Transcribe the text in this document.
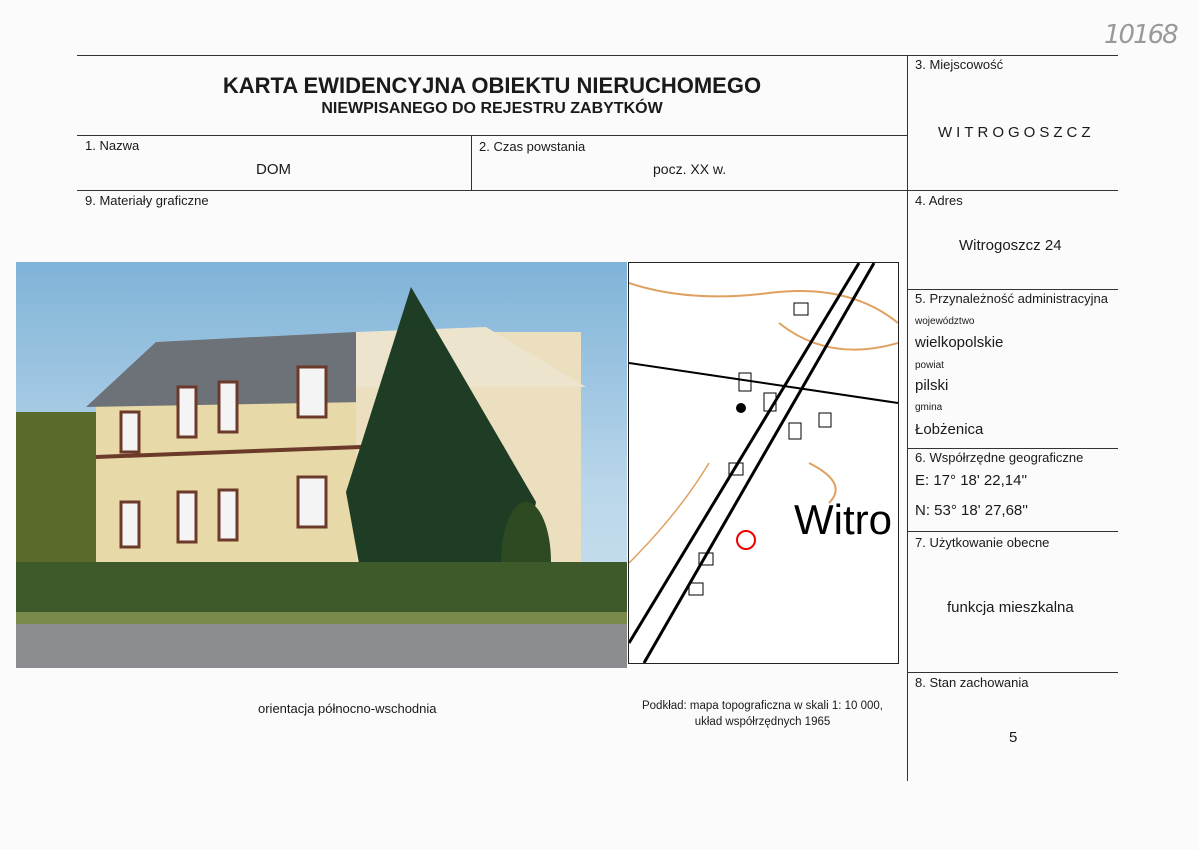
10168
KARTA EWIDENCYJNA OBIEKTU NIERUCHOMEGO
NIEWPISANEGO DO REJESTRU ZABYTKÓW
1. Nazwa
DOM
2. Czas powstania
pocz. XX w.
3. Miejscowość
WITROGOSZCZ
4. Adres
Witrogoszcz 24
5. Przynależność administracyjna
województwo
wielkopolskie
powiat
pilski
gmina
Łobżenica
6. Współrzędne geograficzne
E: 17° 18' 22,14''
N: 53° 18' 27,68''
7. Użytkowanie obecne
funkcja mieszkalna
8. Stan zachowania
5
9. Materiały graficzne
Witro
orientacja północno-wschodnia	Podkład: mapa topograficzna w skali 1: 10 000,
układ współrzędnych 1965
